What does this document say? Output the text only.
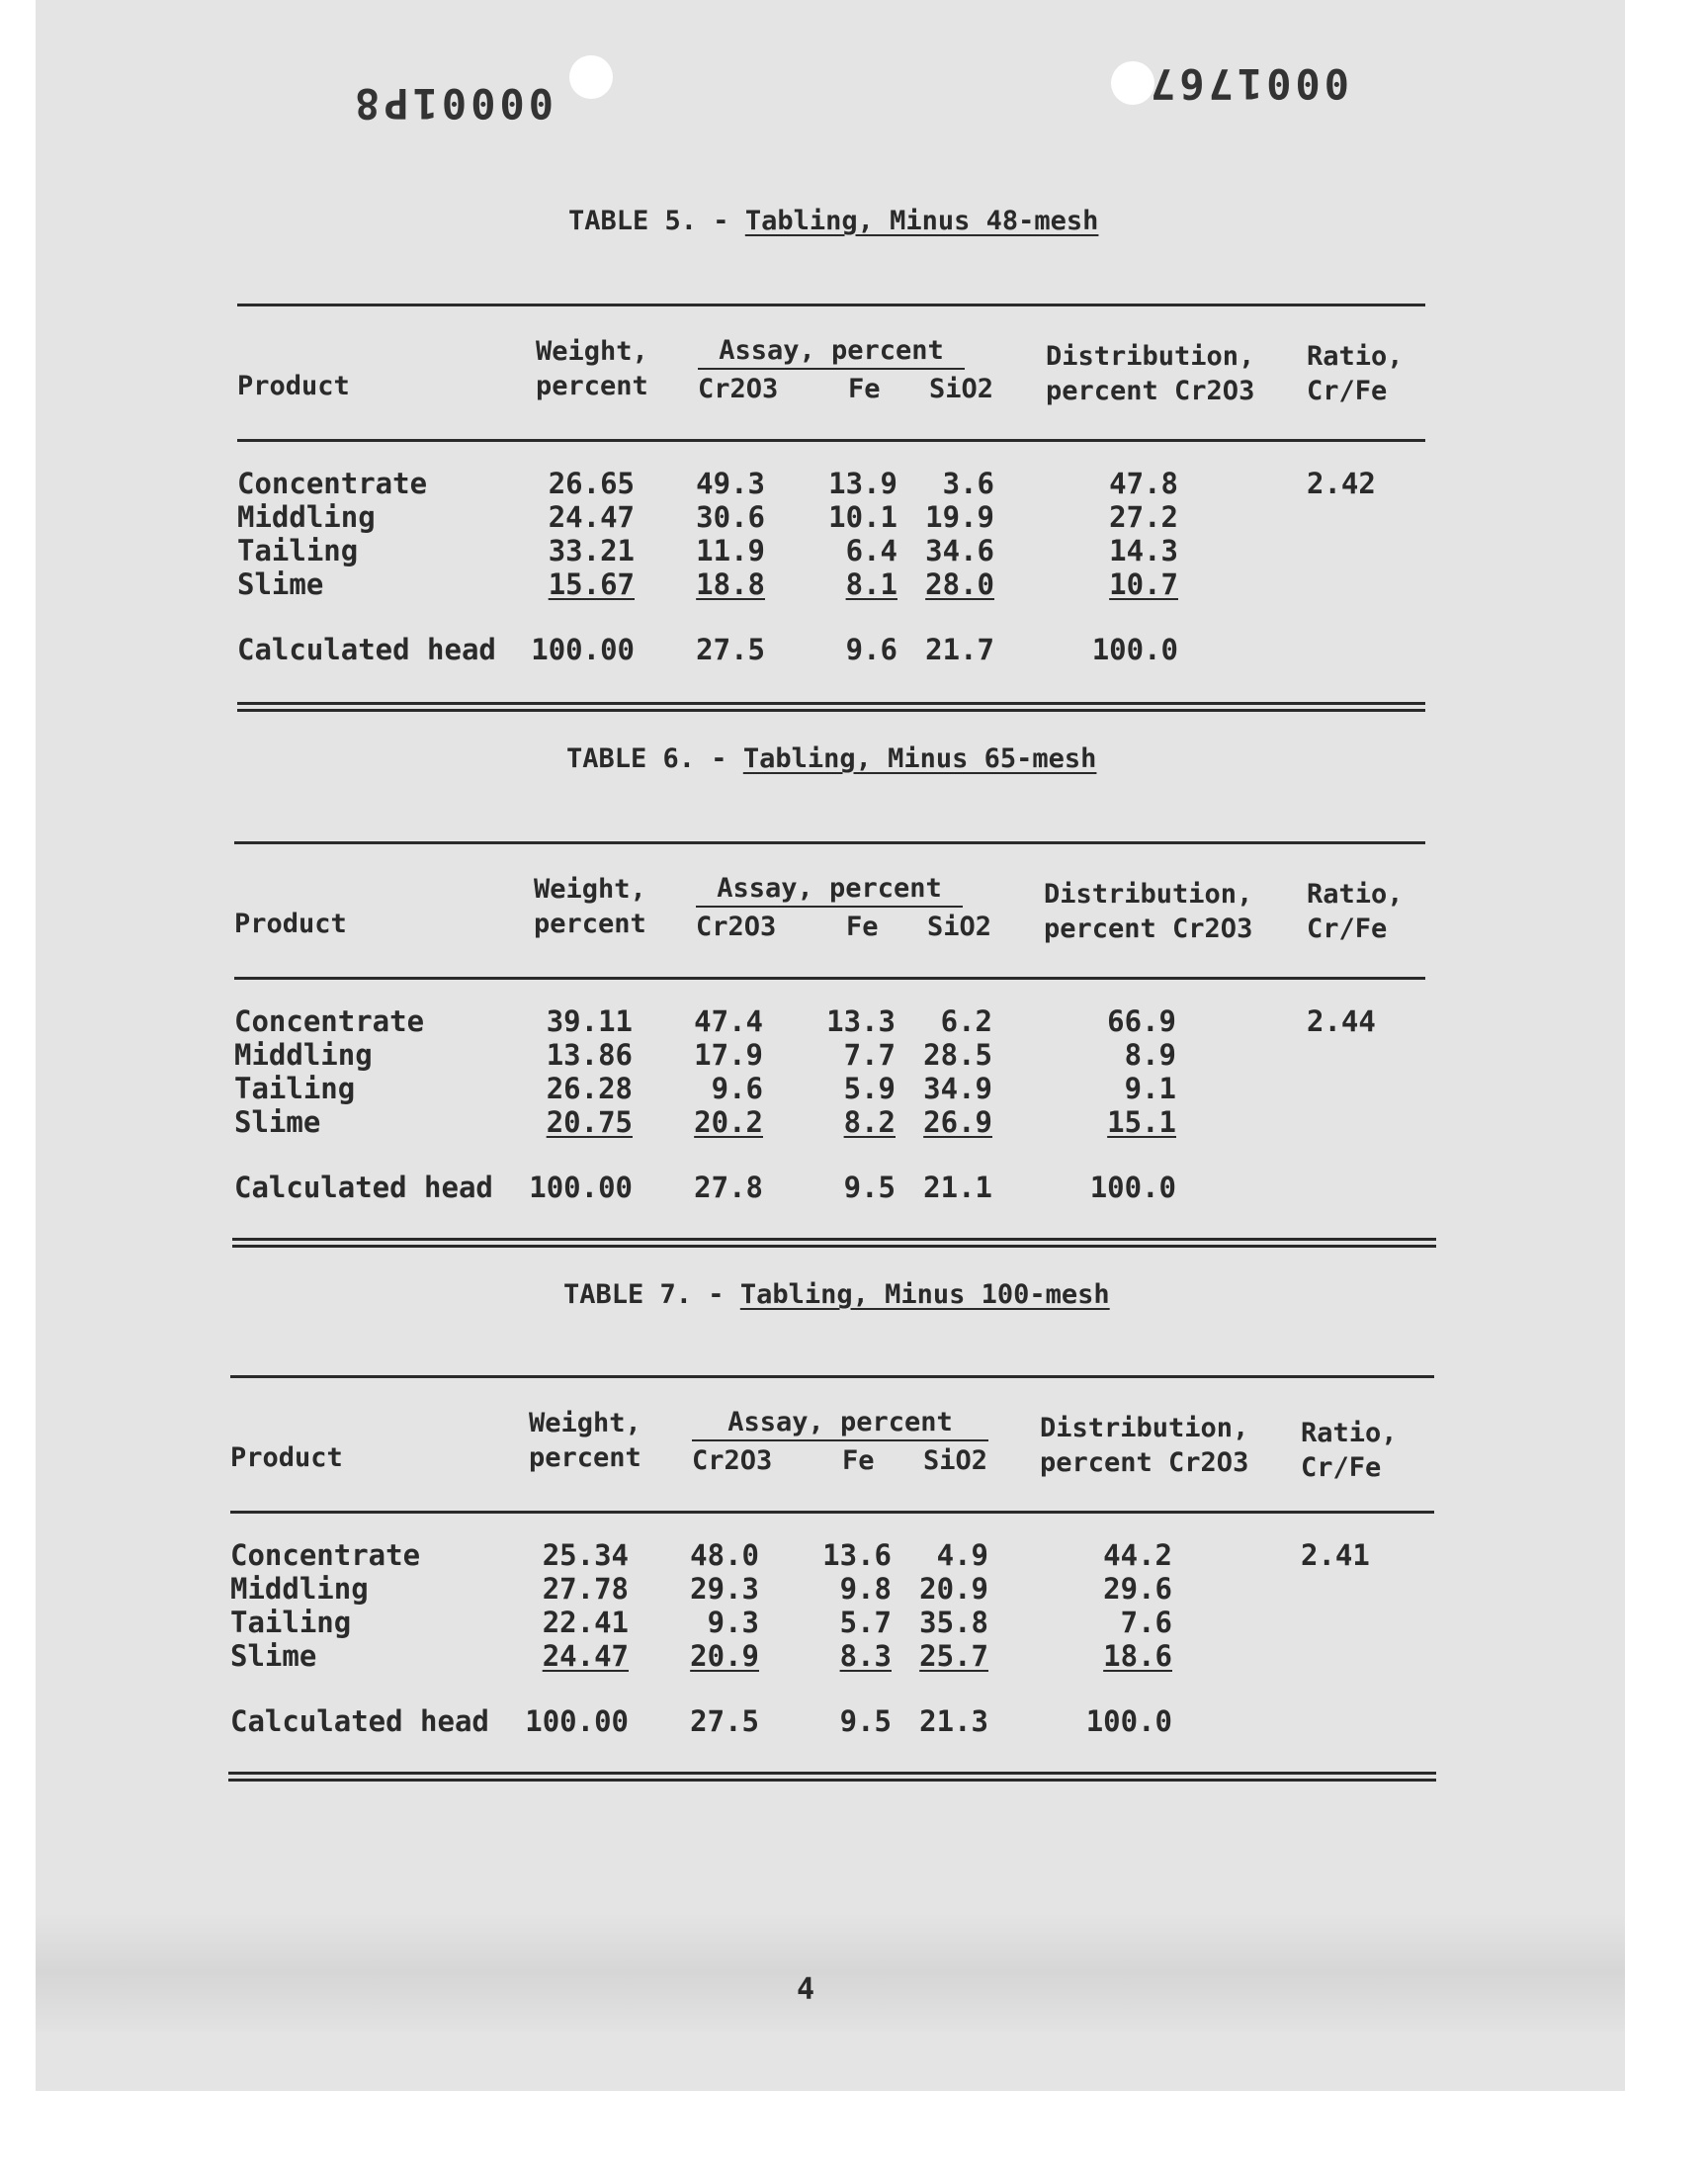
00001P8	0001767
TABLE 5. - Tabling, Minus 48-mesh
Product
Weight,
percent
Assay, percent
Cr2O3	Fe SiO2
Distribution,
percent Cr2O3
Ratio,
Cr/Fe
Concentrate	26.65	49.3	13.9	3.6	47.8	2.42
Middling	24.47	30.6	10.1 19.9	27.2
Tailing	33.21	11.9	6.4 34.6	14.3
Slime	15.67	18.8	8.1 28.0	10.7
Calculated head	100.00	27.5	9.6 21.7	100.0
TABLE 6. - Tabling, Minus 65-mesh
Product
Weight,
percent
Assay, percent
Cr2O3	Fe SiO2
Distribution,
percent Cr2O3
Ratio,
Cr/Fe
Concentrate	39.11	47.4	13.3	6.2	66.9	2.44
Middling	13.86	17.9	7.7 28.5	8.9
Tailing	26.28	9.6	5.9 34.9	9.1
Slime	20.75	20.2	8.2 26.9	15.1
Calculated head	100.00	27.8	9.5 21.1	100.0
TABLE 7. - Tabling, Minus 100-mesh
Product
Weight,
percent
Assay, percent
Cr2O3	Fe SiO2
Distribution,
percent Cr2O3
Ratio,
Cr/Fe
Concentrate	25.34	48.0	13.6	4.9	44.2	2.41
Middling	27.78	29.3	9.8 20.9	29.6
Tailing	22.41	9.3	5.7 35.8	7.6
Slime	24.47	20.9	8.3 25.7	18.6
Calculated head	100.00	27.5	9.5 21.3	100.0
4
